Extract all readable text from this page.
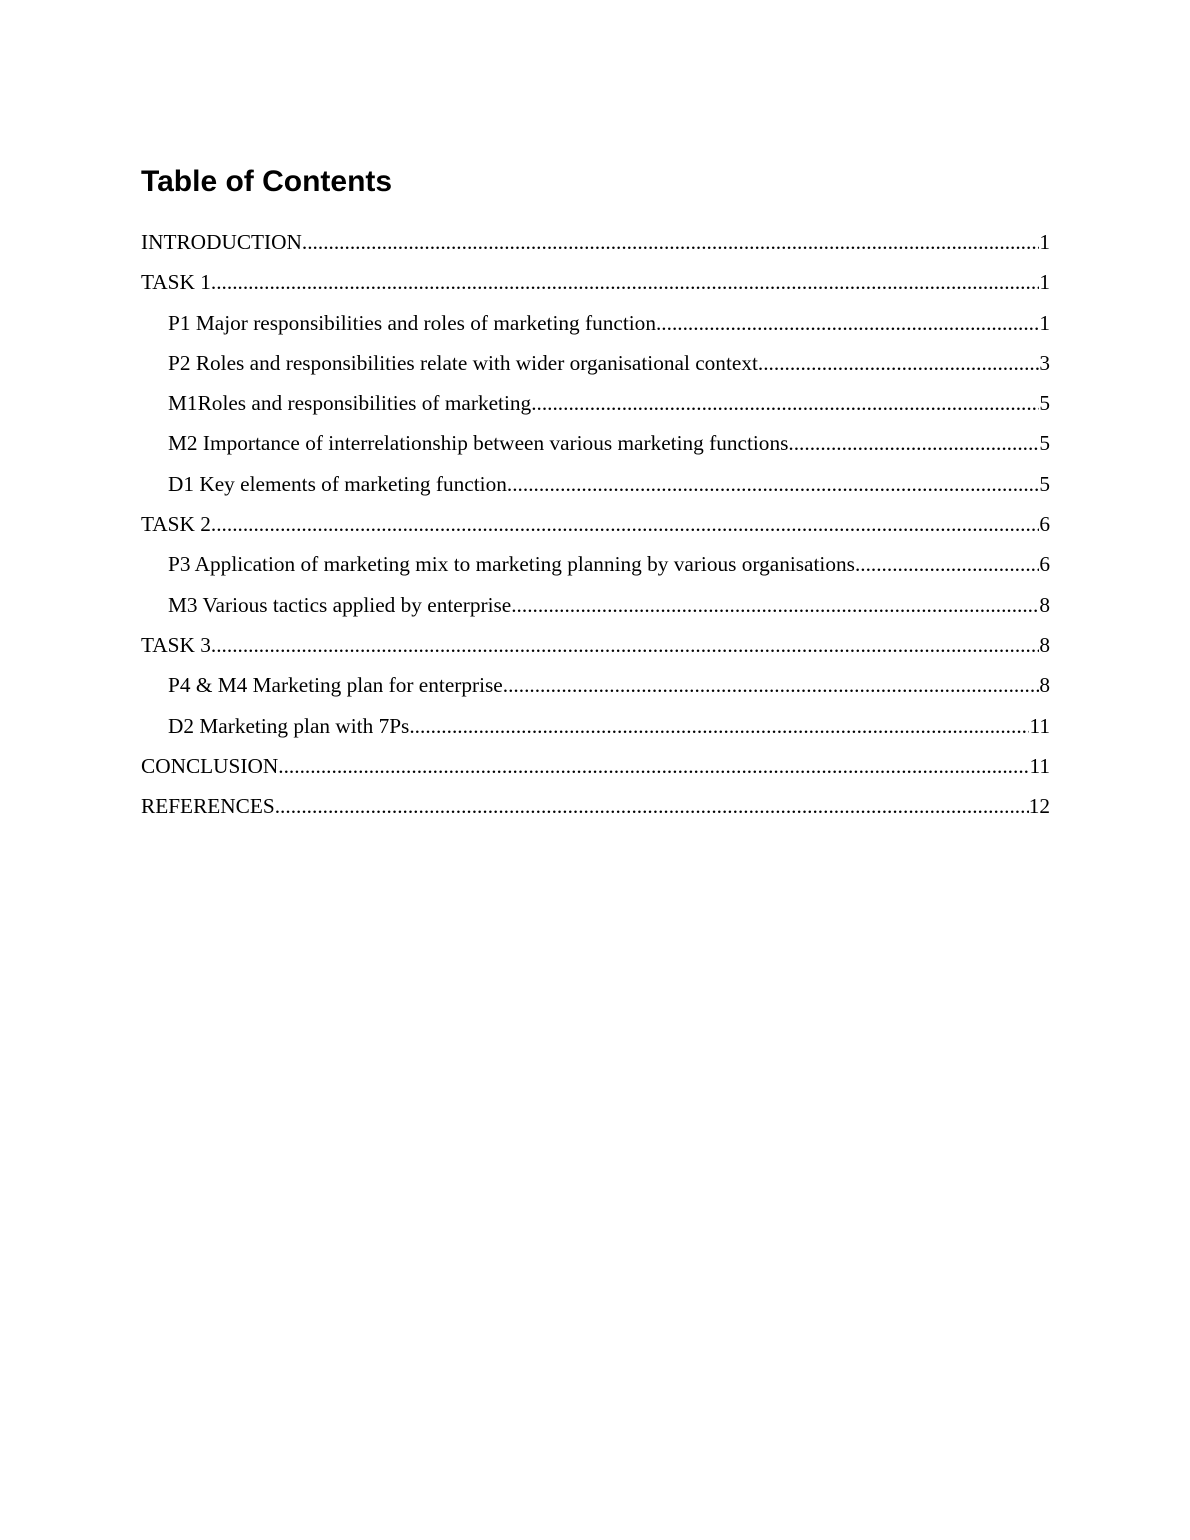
Table of Contents
INTRODUCTION .....	1
TASK 1 .....	1
P1 Major responsibilities and roles of marketing function .....	1
P2 Roles and responsibilities relate with wider organisational context .....	3
M1Roles and responsibilities of marketing .....	5
M2 Importance of interrelationship between various marketing functions .....	5
D1 Key elements of marketing function .....	5
TASK 2 .....	6
P3 Application of marketing mix to marketing planning by various organisations .....	6
M3 Various tactics applied by enterprise .....	8
TASK 3 .....	8
P4 & M4 Marketing plan for enterprise .....	8
D2 Marketing plan with 7Ps .....	11
CONCLUSION .....	11
REFERENCES .....	12
